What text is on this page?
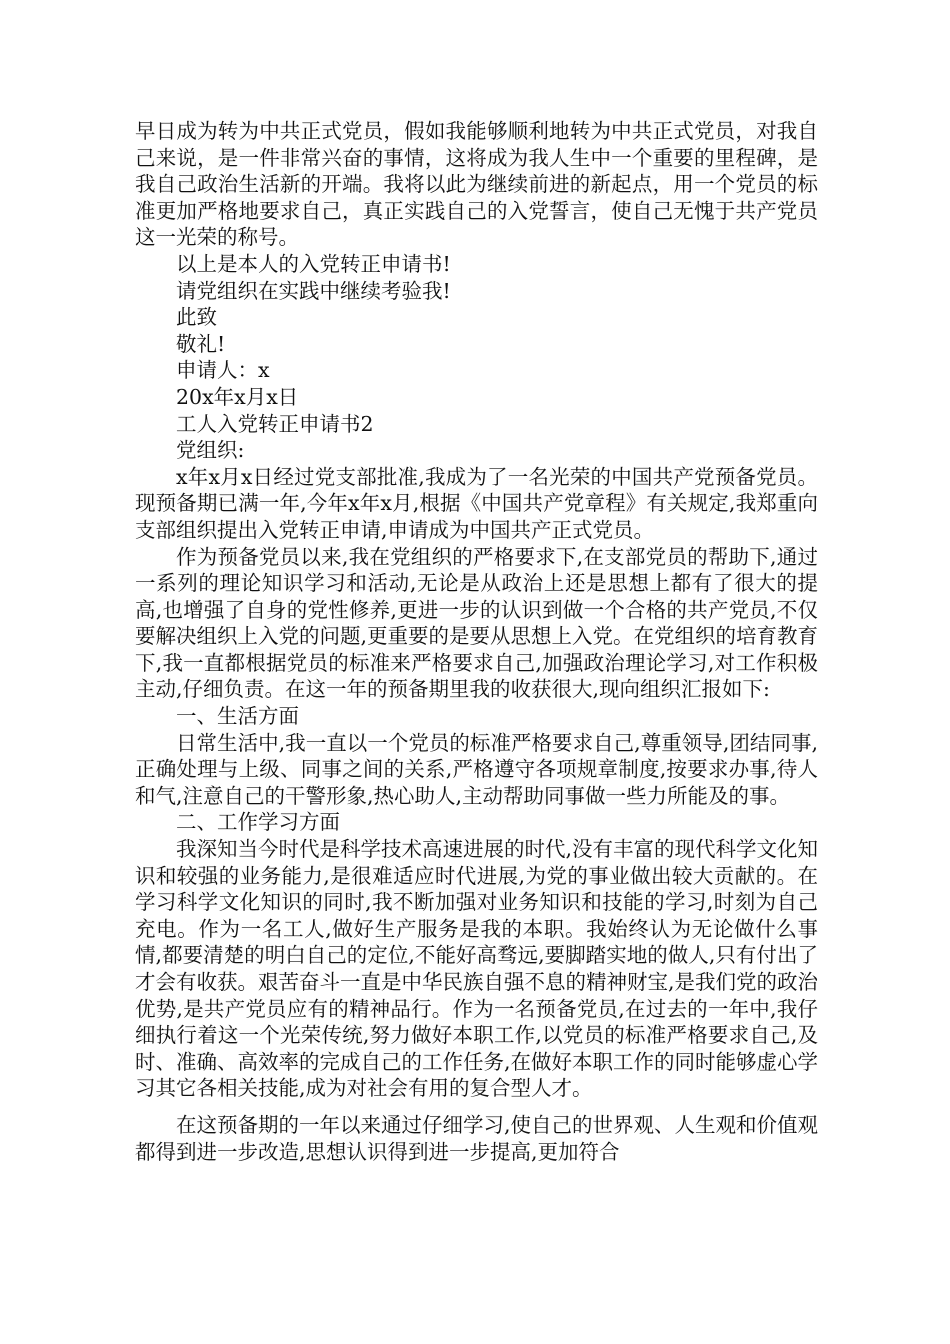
早日成为转为中共正式党员，假如我能够顺利地转为中共正式党员，对我自己来说，是一件非常兴奋的事情，这将成为我人生中一个重要的里程碑，是我自己政治生活新的开端。我将以此为继续前进的新起点，用一个党员的标准更加严格地要求自己，真正实践自己的入党誓言，使自己无愧于共产党员这一光荣的称号。

以上是本人的入党转正申请书!

请党组织在实践中继续考验我!

此致

敬礼!

申请人：x

20x年x月x日

工人入党转正申请书2

党组织:

x年x月x日经过党支部批准,我成为了一名光荣的中国共产党预备党员。现预备期已满一年,今年x年x月,根据《中国共产党章程》有关规定,我郑重向支部组织提出入党转正申请,申请成为中国共产正式党员。

作为预备党员以来,我在党组织的严格要求下,在支部党员的帮助下,通过一系列的理论知识学习和活动,无论是从政治上还是思想上都有了很大的提高,也增强了自身的党性修养,更进一步的认识到做一个合格的共产党员,不仅要解决组织上入党的问题,更重要的是要从思想上入党。在党组织的培育教育下,我一直都根据党员的标准来严格要求自己,加强政治理论学习,对工作积极主动,仔细负责。在这一年的预备期里我的收获很大,现向组织汇报如下:

一、生活方面

日常生活中,我一直以一个党员的标准严格要求自己,尊重领导,团结同事,正确处理与上级、同事之间的关系,严格遵守各项规章制度,按要求办事,待人和气,注意自己的干警形象,热心助人,主动帮助同事做一些力所能及的事。

二、工作学习方面

我深知当今时代是科学技术高速进展的时代,没有丰富的现代科学文化知识和较强的业务能力,是很难适应时代进展,为党的事业做出较大贡献的。在学习科学文化知识的同时,我不断加强对业务知识和技能的学习,时刻为自己充电。作为一名工人,做好生产服务是我的本职。我始终认为无论做什么事情,都要清楚的明白自己的定位,不能好高骛远,要脚踏实地的做人,只有付出了才会有收获。艰苦奋斗一直是中华民族自强不息的精神财宝,是我们党的政治优势,是共产党员应有的精神品行。作为一名预备党员,在过去的一年中,我仔细执行着这一个光荣传统,努力做好本职工作,以党员的标准严格要求自己,及时、准确、高效率的完成自己的工作任务,在做好本职工作的同时能够虚心学习其它各相关技能,成为对社会有用的复合型人才。

在这预备期的一年以来通过仔细学习,使自己的世界观、人生观和价值观都得到进一步改造,思想认识得到进一步提高,更加符合
